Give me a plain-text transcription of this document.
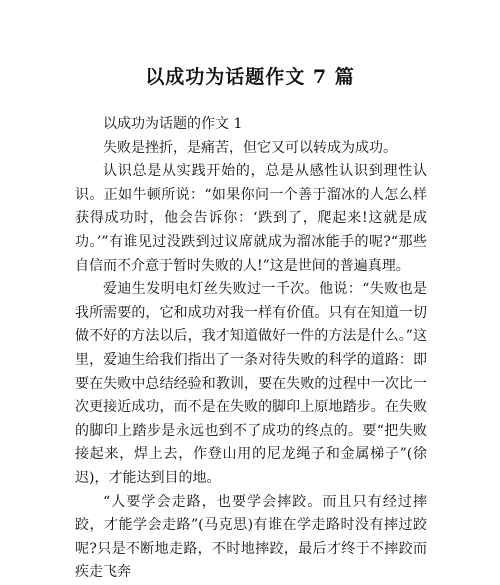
以成功为话题作文 7 篇

以成功为话题的作文 1

失败是挫折，是痛苦，但它又可以转成为成功。

认识总是从实践开始的，总是从感性认识到理性认识。正如牛顿所说：“如果你问一个善于溜冰的人怎么样获得成功时，他会告诉你：‘跌到了，爬起来!这就是成功。’”有谁见过没跌到过议席就成为溜冰能手的呢?“那些自信而不介意于暂时失败的人!”这是世间的普遍真理。

爱迪生发明电灯丝失败过一千次。他说：“失败也是我所需要的，它和成功对我一样有价值。只有在知道一切做不好的方法以后，我才知道做好一件的方法是什么。”这里，爱迪生给我们指出了一条对待失败的科学的道路：即要在失败中总结经验和教训，要在失败的过程中一次比一次更接近成功，而不是在失败的脚印上原地踏步。在失败的脚印上踏步是永远也到不了成功的终点的。要“把失败接起来，焊上去，作登山用的尼龙绳子和金属梯子”(徐迟)，才能达到目的地。

“人要学会走路，也要学会摔跤。而且只有经过摔跤，才能学会走路”(马克思)有谁在学走路时没有摔过跤呢?只是不断地走路，不时地摔跤，最后才终于不摔跤而疾走飞奔
